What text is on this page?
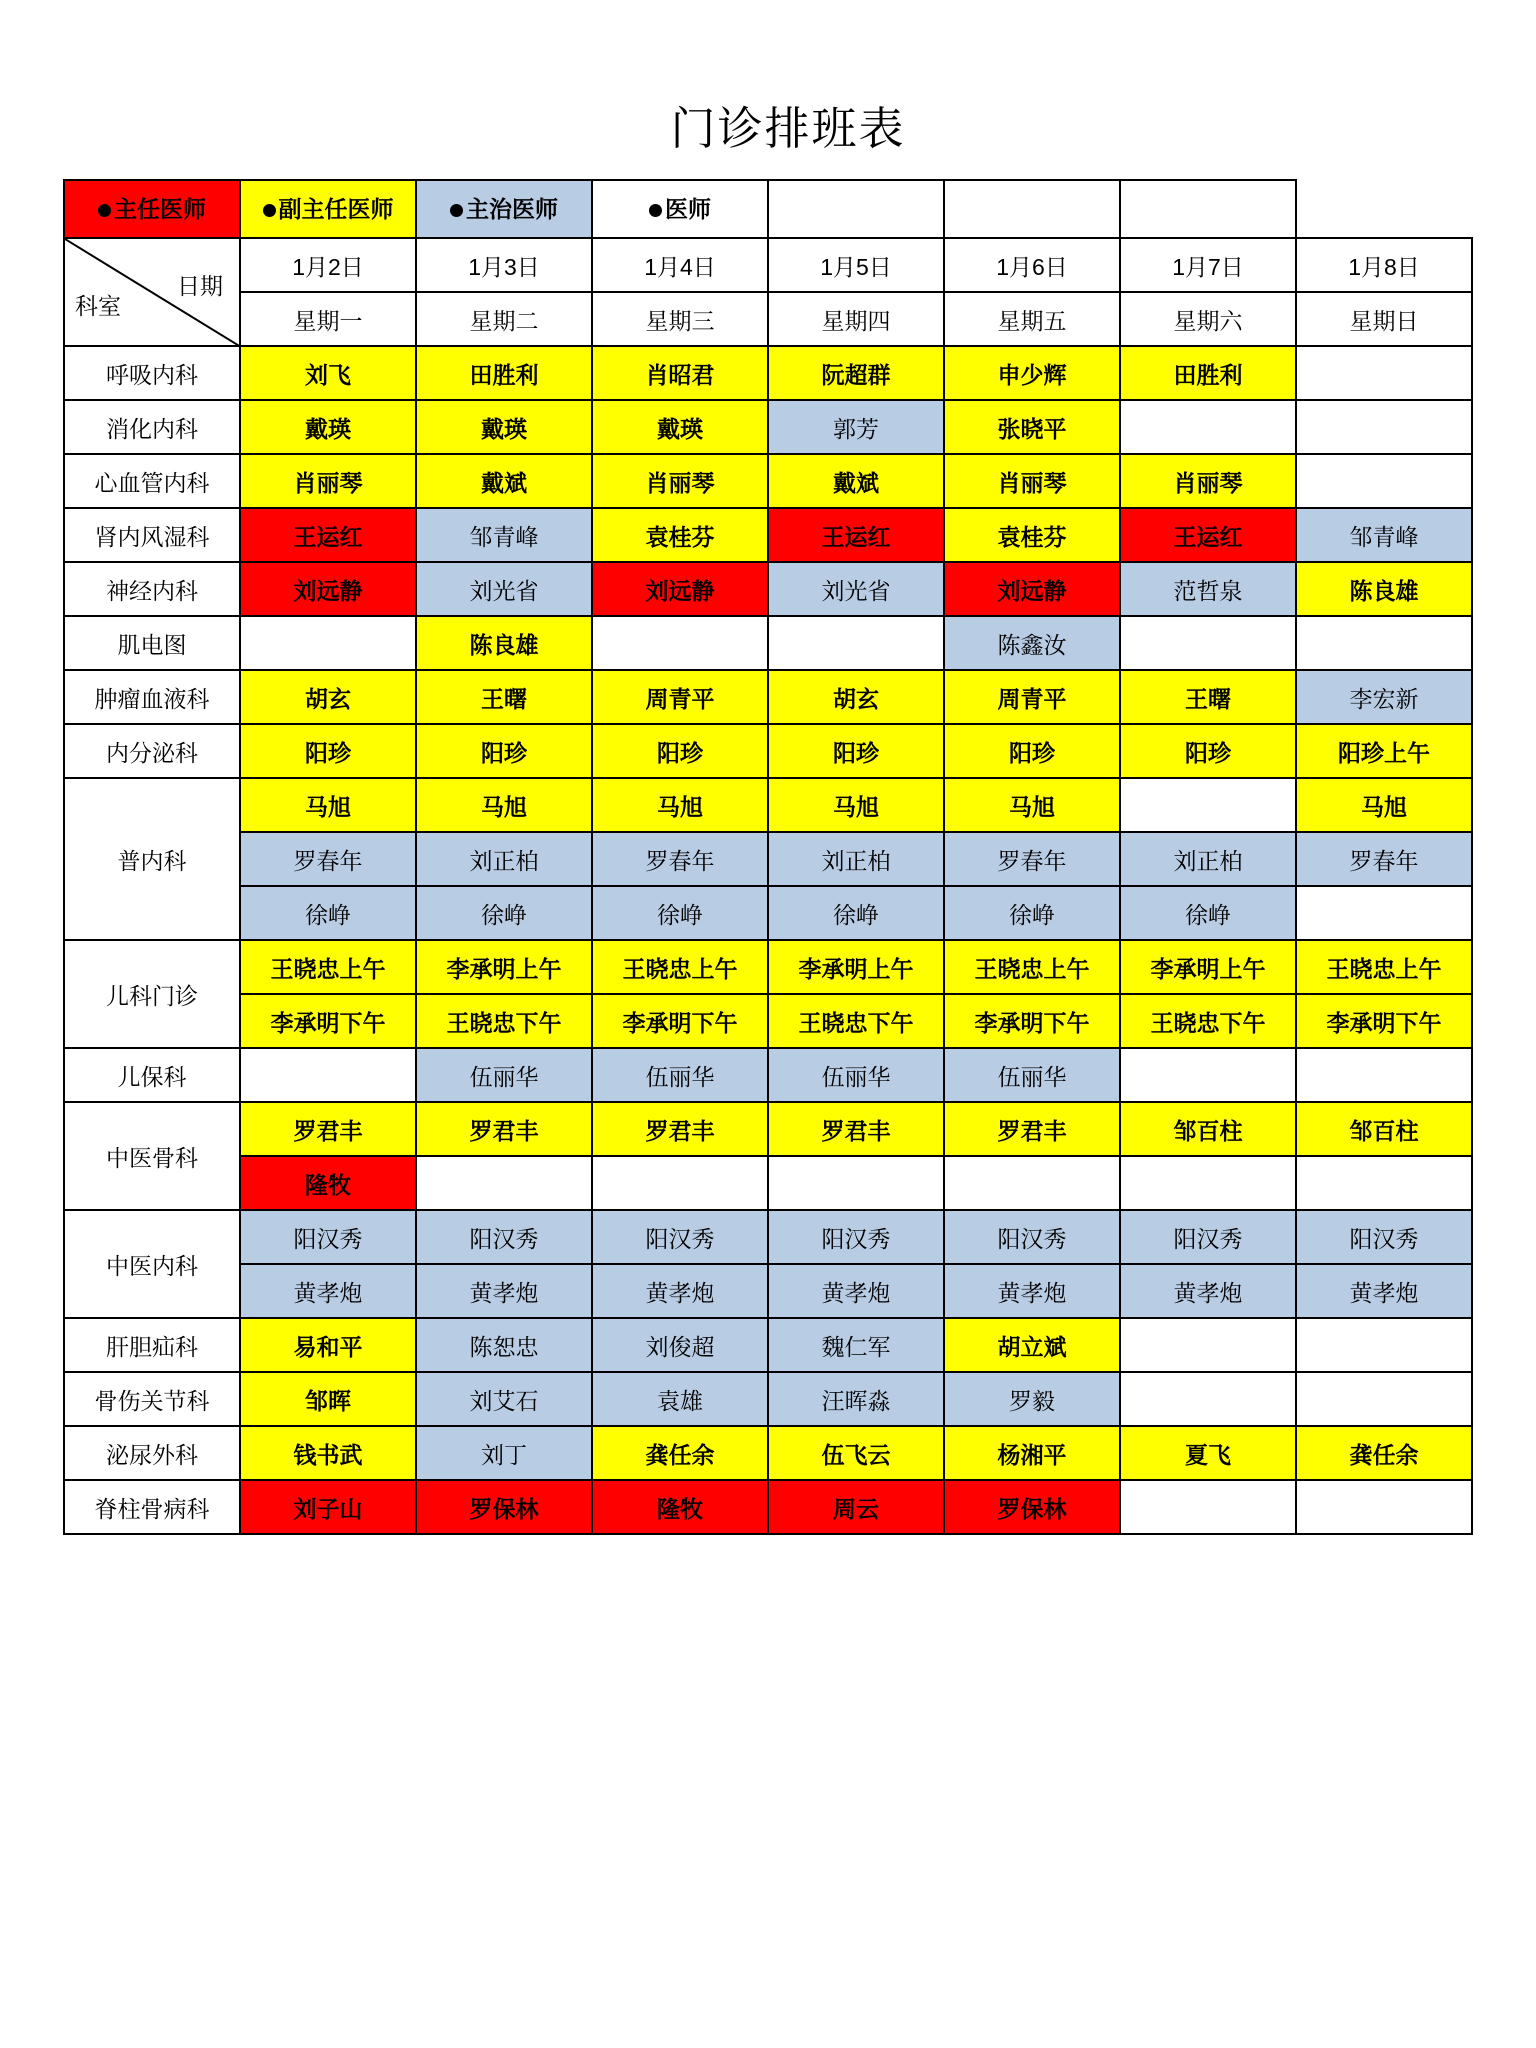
门诊排班表
主任医师	副主任医师	主治医师	医师				

科室
日期	1月2日	1月3日	1月4日	1月5日	1月6日	1月7日	1月8日
	星期一	星期二	星期三	星期四	星期五	星期六	星期日
呼吸内科	刘飞	田胜利	肖昭君	阮超群	申少辉	田胜利	
消化内科	戴瑛	戴瑛	戴瑛	郭芳	张晓平		
心血管内科	肖丽琴	戴斌	肖丽琴	戴斌	肖丽琴	肖丽琴	
肾内风湿科	王运红	邹青峰	袁桂芬	王运红	袁桂芬	王运红	邹青峰
神经内科	刘远静	刘光省	刘远静	刘光省	刘远静	范哲泉	陈良雄
肌电图		陈良雄			陈鑫汝		
肿瘤血液科	胡玄	王曙	周青平	胡玄	周青平	王曙	李宏新
内分泌科	阳珍	阳珍	阳珍	阳珍	阳珍	阳珍	阳珍上午
普内科	马旭	马旭	马旭	马旭	马旭		马旭
	罗春年	刘正柏	罗春年	刘正柏	罗春年	刘正柏	罗春年
	徐峥	徐峥	徐峥	徐峥	徐峥	徐峥	
儿科门诊	王晓忠上午	李承明上午	王晓忠上午	李承明上午	王晓忠上午	李承明上午	王晓忠上午
	李承明下午	王晓忠下午	李承明下午	王晓忠下午	李承明下午	王晓忠下午	李承明下午
儿保科		伍丽华	伍丽华	伍丽华	伍丽华		
中医骨科	罗君丰	罗君丰	罗君丰	罗君丰	罗君丰	邹百柱	邹百柱
	隆牧						
中医内科	阳汉秀	阳汉秀	阳汉秀	阳汉秀	阳汉秀	阳汉秀	阳汉秀
	黄孝炮	黄孝炮	黄孝炮	黄孝炮	黄孝炮	黄孝炮	黄孝炮
肝胆疝科	易和平	陈恕忠	刘俊超	魏仁军	胡立斌		
骨伤关节科	邹晖	刘艾石	袁雄	汪晖淼	罗毅		
泌尿外科	钱书武	刘丁	龚任余	伍飞云	杨湘平	夏飞	龚任余
脊柱骨病科	刘子山	罗保林	隆牧	周云	罗保林		
